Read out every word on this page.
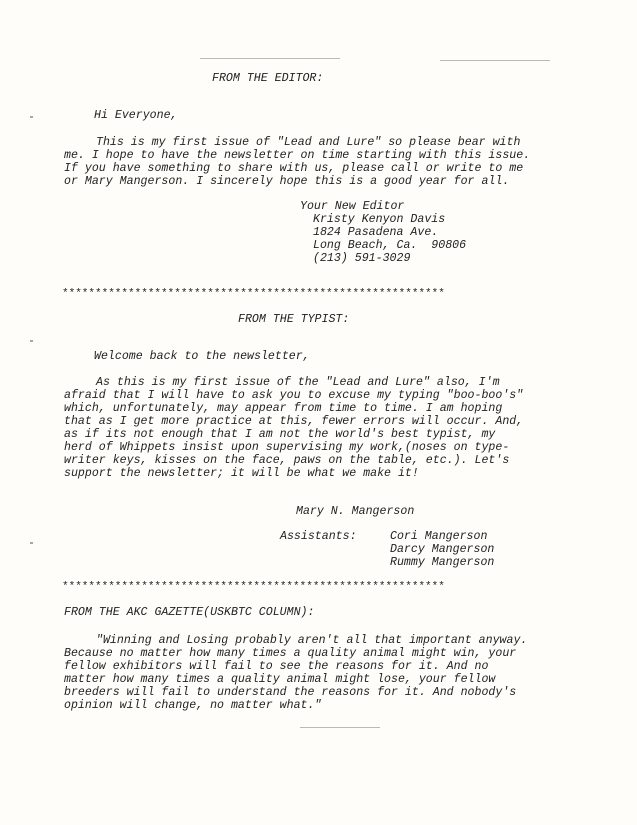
FROM THE EDITOR:
Hi Everyone,
This is my first issue of "Lead and Lure" so please bear with
me. I hope to have the newsletter on time starting with this issue.
If you have something to share with us, please call or write to me
or Mary Mangerson. I sincerely hope this is a good year for all.
Your New Editor
Kristy Kenyon Davis
1824 Pasadena Ave.
Long Beach, Ca.  90806
(213) 591-3029
**********************************************************
FROM THE TYPIST:
Welcome back to the newsletter,
As this is my first issue of the "Lead and Lure" also, I'm
afraid that I will have to ask you to excuse my typing "boo-boo's"
which, unfortunately, may appear from time to time. I am hoping
that as I get more practice at this, fewer errors will occur. And,
as if its not enough that I am not the world's best typist, my
herd of Whippets insist upon supervising my work,(noses on type-
writer keys, kisses on the face, paws on the table, etc.). Let's
support the newsletter; it will be what we make it!
Mary N. Mangerson
Assistants:	Cori Mangerson
Darcy Mangerson
Rummy Mangerson
**********************************************************
FROM THE AKC GAZETTE(USKBTC COLUMN):
"Winning and Losing probably aren't all that important anyway.
Because no matter how many times a quality animal might win, your
fellow exhibitors will fail to see the reasons for it. And no
matter how many times a quality animal might lose, your fellow
breeders will fail to understand the reasons for it. And nobody's
opinion will change, no matter what."
